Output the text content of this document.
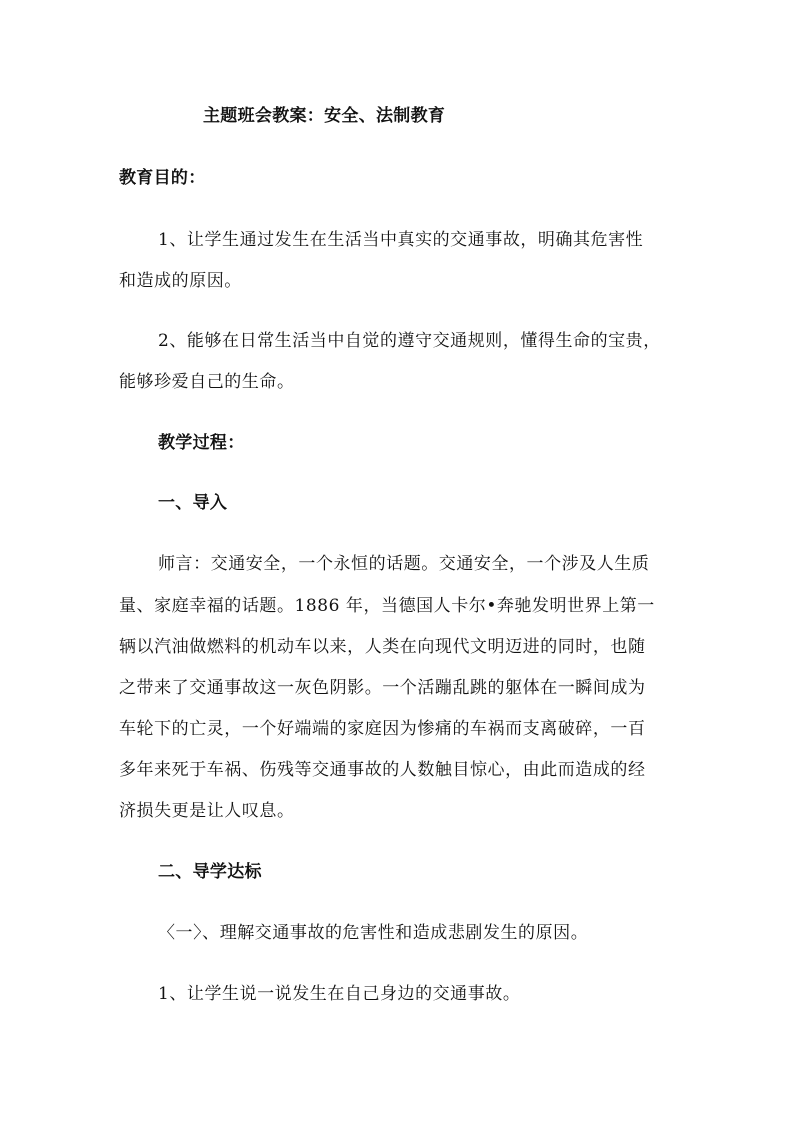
主题班会教案：安全、法制教育
教育目的：
1、让学生通过发生在生活当中真实的交通事故，明确其危害性
和造成的原因。
2、能够在日常生活当中自觉的遵守交通规则，懂得生命的宝贵，
能够珍爱自己的生命。
教学过程：
一、导入
师言：交通安全，一个永恒的话题。交通安全，一个涉及人生质
量、家庭幸福的话题。1886 年，当德国人卡尔•奔驰发明世界上第一
辆以汽油做燃料的机动车以来，人类在向现代文明迈进的同时，也随
之带来了交通事故这一灰色阴影。一个活蹦乱跳的躯体在一瞬间成为
车轮下的亡灵，一个好端端的家庭因为惨痛的车祸而支离破碎，一百
多年来死于车祸、伤残等交通事故的人数触目惊心，由此而造成的经
济损失更是让人叹息。
二、导学达标
〈一〉、理解交通事故的危害性和造成悲剧发生的原因。
1、让学生说一说发生在自己身边的交通事故。
